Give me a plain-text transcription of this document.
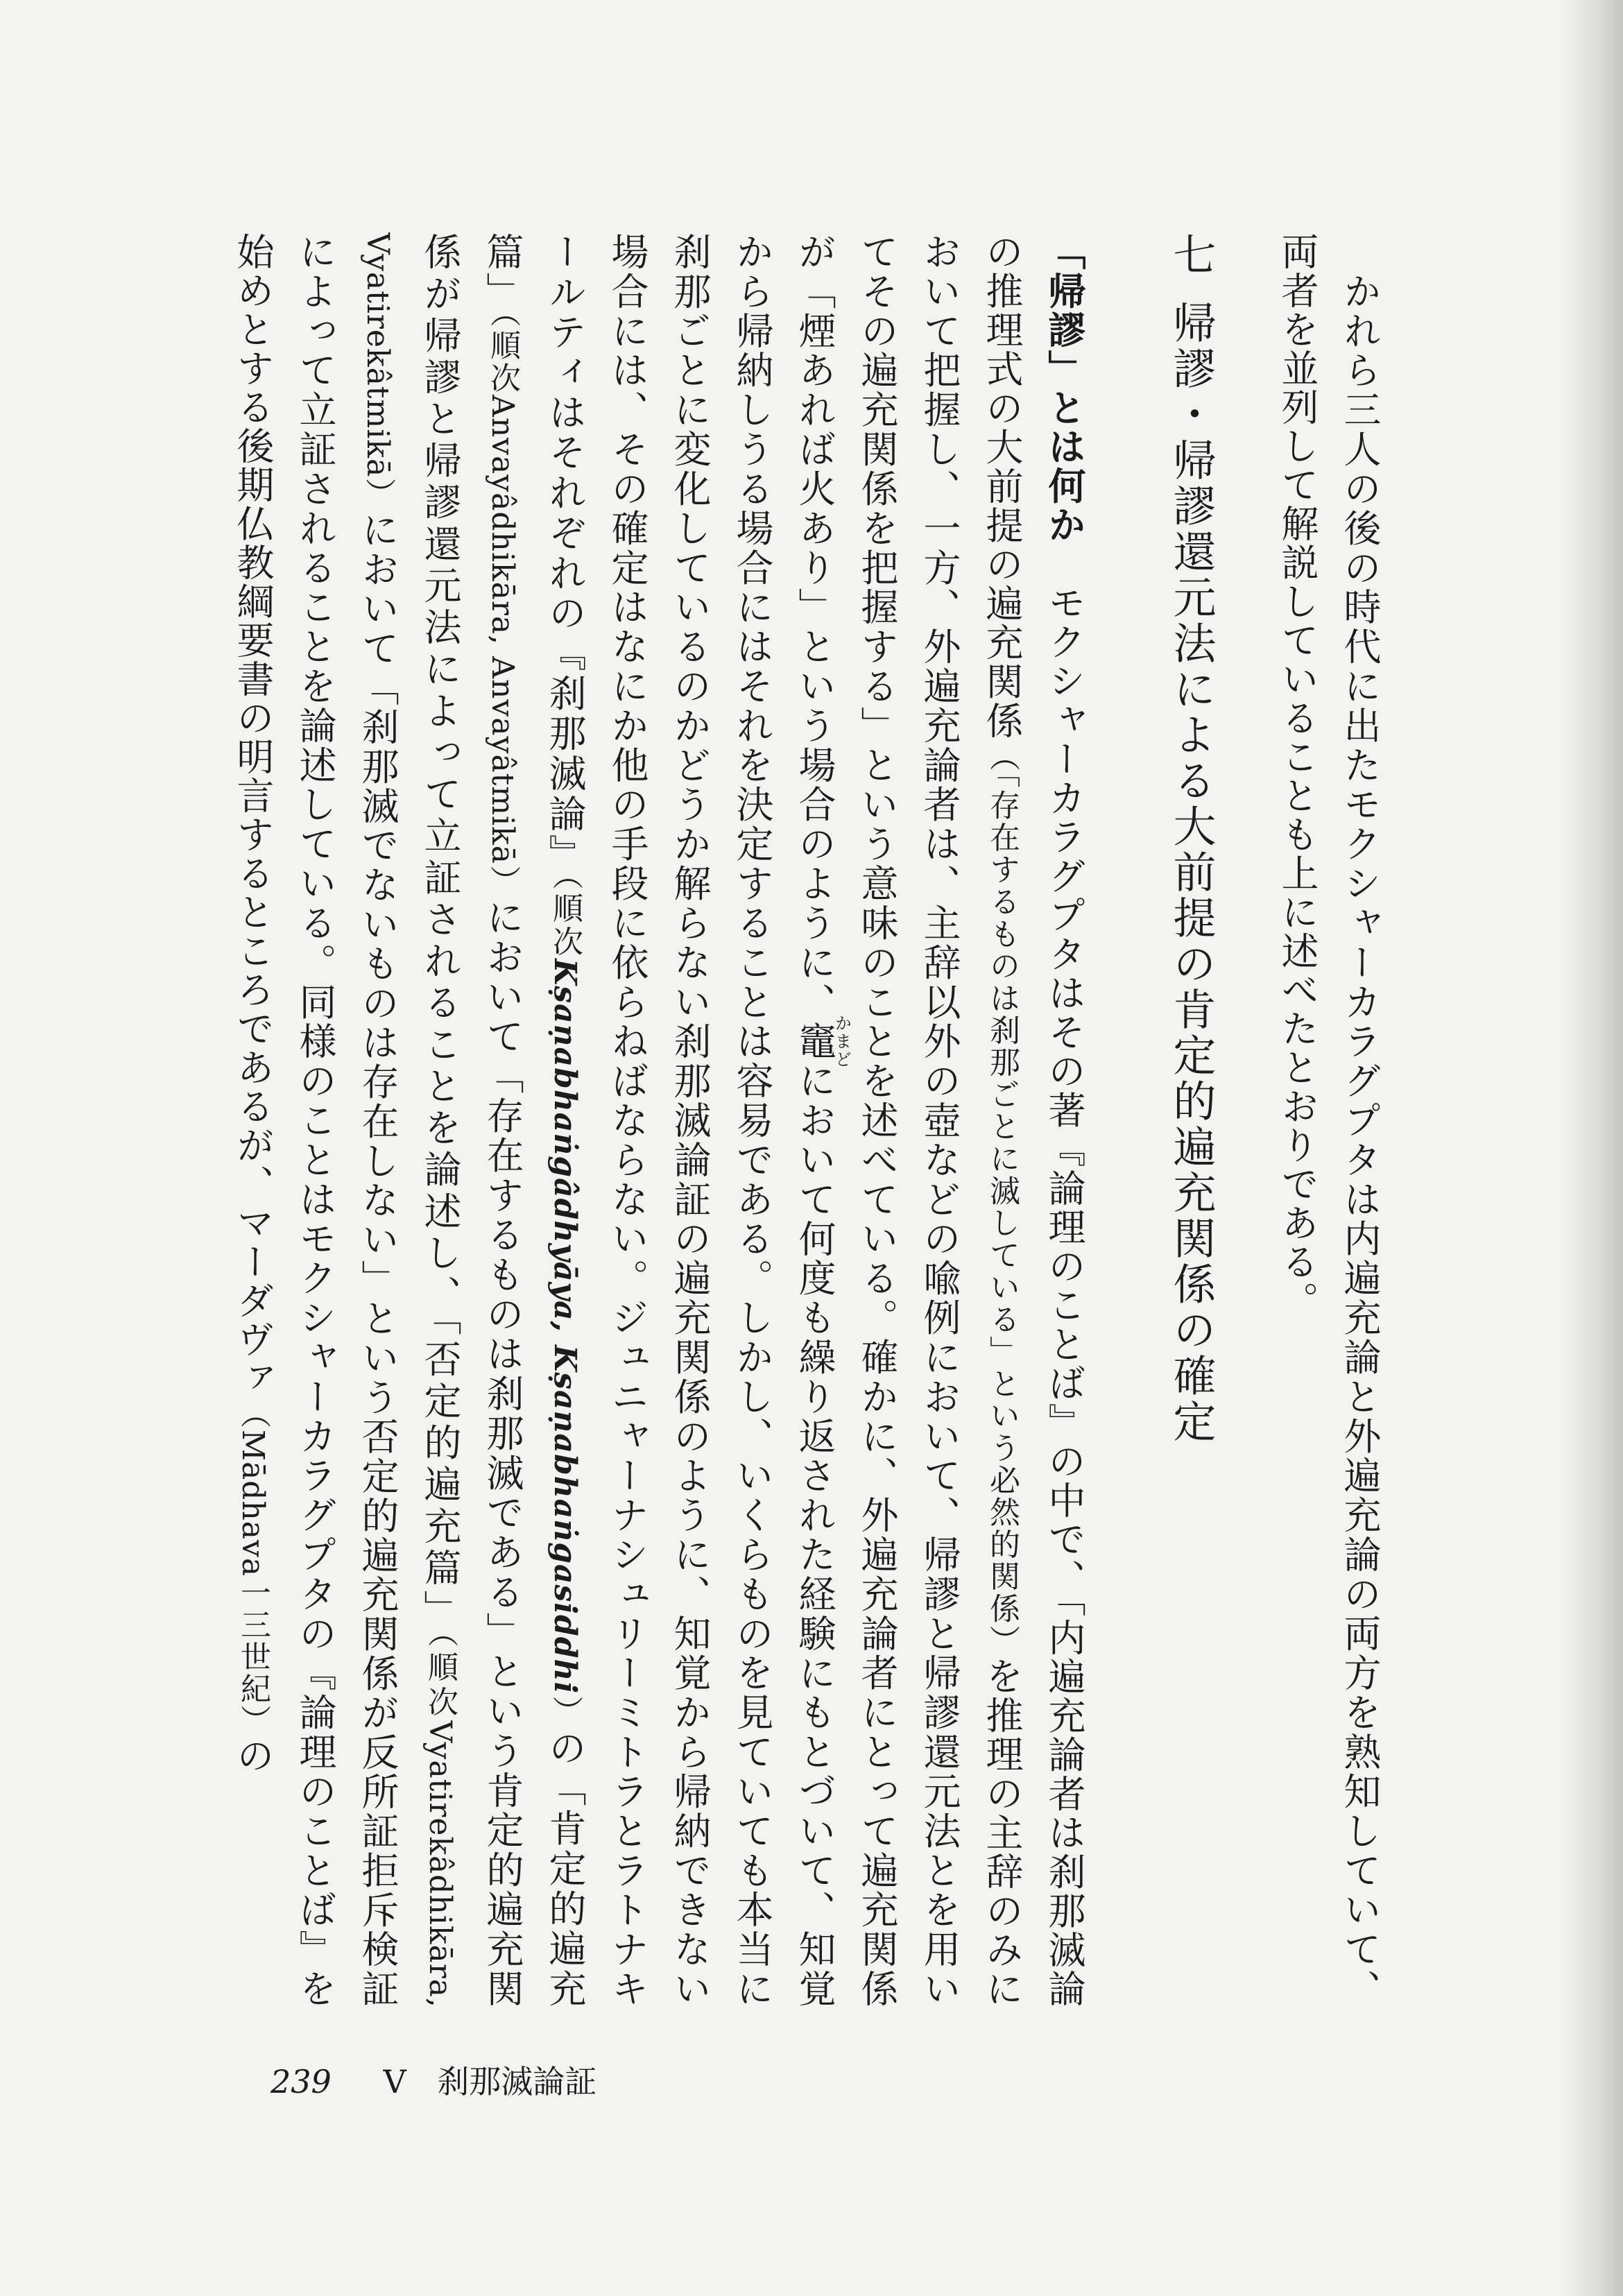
　かれら三人の後の時代に出たモクシャーカラグプタは内遍充論と外遍充論の両方を熟知していて、両者を並列して解説していることも上に述べたとおりである。

七帰謬・帰謬還元法による大前提の肯定的遍充関係の確定

「帰謬」とは何か　モクシャーカラグプタはその著『論理のことば』の中で、「内遍充論者は刹那滅論の推理式の大前提の遍充関係（「存在するものは刹那ごとに滅している」という必然的関係）を推理の主辞のみにおいて把握し、一方、外遍充論者は、主辞以外の壺などの喩例において、帰謬と帰謬還元法とを用いてその遍充関係を把握する」という意味のことを述べている。確かに、外遍充論者にとって遍充関係が「煙あれば火あり」という場合のように、竈かまどにおいて何度も繰り返された経験にもとづいて、知覚から帰納しうる場合にはそれを決定することは容易である。しかし、いくらものを見ていても本当に刹那ごとに変化しているのかどうか解らない刹那滅論証の遍充関係のように、知覚から帰納できない場合には、その確定はなにか他の手段に依らねばならない。ジュニャーナシュリーミトラとラトナキールティはそれぞれの『刹那滅論』（順次Kṣaṇabhaṅgâdhyāya, Kṣaṇabhaṅgasiddhi）の「肯定的遍充篇」（順次Anvayâdhikāra, Anvayâtmikā）において「存在するものは刹那滅である」という肯定的遍充関係が帰謬と帰謬還元法によって立証されることを論述し、「否定的遍充篇」（順次Vyatirekâdhikāra, Vyatirekâtmikā）において「刹那滅でないものは存在しない」という否定的遍充関係が反所証拒斥検証によって立証されることを論述している。同様のことはモクシャーカラグプタの『論理のことば』を始めとする後期仏教綱要書の明言するところであるが、マーダヴァ（Mādhava一三世紀）の

239 V 刹那滅論証
